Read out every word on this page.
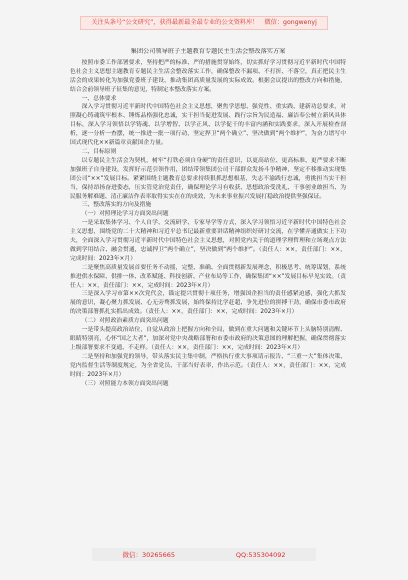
关注头条号“公文研究”，获得最新最全最专业的公文资料库！ 微信：gongwenyj

集团公司领导班子主题教育专题民主生活会整改落实方案

按照市委工作部署要求，坚持把严的标准、严的措施贯穿始终，切实抓好学习贯彻习近平新时代中国特色社会主义思想主题教育专题民主生活会整改落实工作，确保整改不漏项、不打折、不落空，真正把民主生活会的成果转化为加强党委班子建设、推动集团高质量发展的实际成效。根据会议提出的整改方向和措施，结合会前领导班子征集的意见，特制定本整改落实方案。

一、总体要求

深入学习贯彻习近平新时代中国特色社会主义思想，聚焦学思想、强党性、重实践、建新功总要求，对照凝心铸魂筑牢根本、锤炼品格强化忠诚，实干担当促进发展、践行宗旨为民造福、廉洁奉公树立新风具体目标，深入学习领悟以学铸魂、以学增智、以学正风、以学促干的丰富内涵和实践要求，深入开展检查剖析，逐一分析一查摆，统一推进一批一项行动，坚定捍卫“两个确立”、坚决做到“两个维护”，为奋力谱写中国式现代化××新篇章贡献国企力量。

二、目标原则

以专题民主生活会为契机，树牢“打铁必须自身硬”的责任意识，以更高站位、更高标准、更严要求不断加强班子自身建设，发挥好示范引领作用，团结带领集团公司干部群众发扬斗争精神，坚定不移推动实现集团公司“××”发展目标。紧紧围绕主题教育总要求持续狠抓思想根基，失志不渝践行忠诚，勇挑担当实干担当，保持昂扬奋进姿态，压实管党治党责任，确保理论学习有收获、思想政治受洗礼、干事创业敢担当、为民服务解难题、清正廉洁作表率取得实实在在的成效，为未来事业振兴发展打稳政治提供坚强保证。

三、整改落实的方向及措施

（一）对照理论学习方面突出问题

一是采取集体学习、个人自学、交流研学、专家导学等方式，深入学习领悟习近平新时代中国特色社会主义思想，围绕党的二十大精神和习近平总书记最新重要讲话精神组织好研讨交流，在学懂弄通做实上下功夫，全面深入学习贯彻习近平新时代中国特色社会主义思想，对照党内关于的道理学理哲理和立场观点方法做到学用结合、融会贯通，忠诚捍卫“两个确立”，坚决做到“两个维护”。（责任人：××，责任部门：××，完成时间：2023年×月）

二是聚焦高质量发展首要任务不动摇，完整、准确、全面贯彻新发展理念，积极思考、统筹谋划，系统推进供水保障、供排一体、改革赋能、科技创新、产业布局等工作，确保集团“××”发展目标早见实效。（责任人：××，责任部门：××，完成时间：2023年×月）

三是深入学习市第××次党代会，锚定提兴贯彻十项任务，增强国企担当的责任感紧迫感，强化大抓发展的意识，凝心聚力抓发展、心无旁骛抓发展，始终保持比学赶超、争先进位的拼搏干劲，确保市委市政府的决策部署抓扎实抓出成效。（责任人：××，责任部门：××，完成时间：2023年×月）

（二）对照政治素质方面突出问题

一是带头提高政治站位，自觉从政治上把握方向和全局，做到在重大问题和关键环节上头脑特别清醒、眼睛特别亮，心怀“国之大者”，加深对党中央战略部署和市委市政府的决策意图的理解把握，确保贯彻落实上级部署要求不变通、不走样。（责任人：××，责任部门：××，完成时间：2023年×月）

二是坚持和加强党的领导，带头落实民主集中制，严格执行重大事项请示报告、“三重一大”集体决策、党内监督生活等制度规定，为全省党员、干部当好表率，作出示范。（责任人：××，责任部门：××，完成时间：2023年×月）

（三）对照能力本领方面突出问题

微信：30265665	QQ:535304092
